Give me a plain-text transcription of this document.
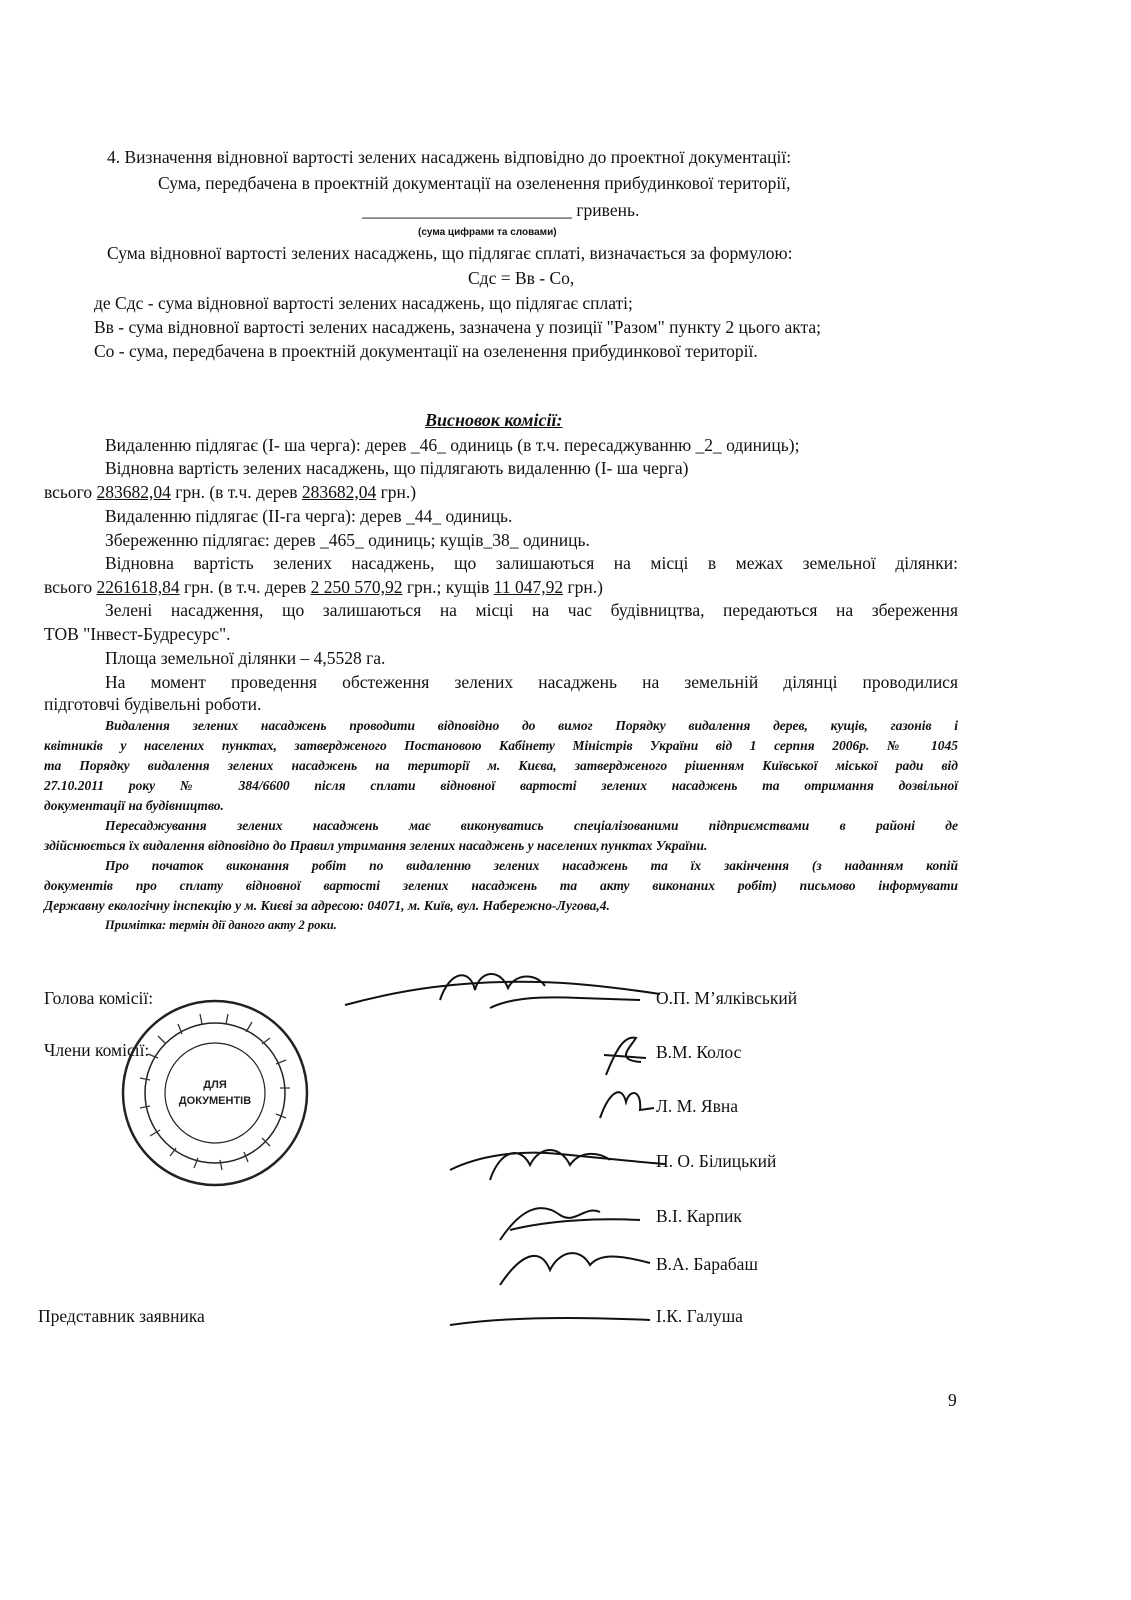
4. Визначення відновної вартості зелених насаджень відповідно до проектної документації:
Сума, передбачена в проектній документації на озеленення прибудинкової території,
________________________ гривень.
(сума цифрами та словами)
Сума відновної вартості зелених насаджень, що підлягає сплаті, визначається за формулою:
Сдс = Вв - Со,
де Сдс - сума відновної вартості зелених насаджень, що підлягає сплаті;
Вв - сума відновної вартості зелених насаджень, зазначена у позиції "Разом" пункту 2 цього акта;
Со - сума, передбачена в проектній документації на озеленення прибудинкової території.
Висновок комісії:
Видаленню підлягає (І- ша черга): дерев _46_ одиниць (в т.ч. пересаджуванню _2_ одиниць);
Відновна вартість зелених насаджень, що підлягають видаленню (І- ша черга)
всього 283682,04 грн. (в т.ч. дерев 283682,04 грн.)
Видаленню підлягає (ІІ-га черга): дерев _44_ одиниць.
Збереженню підлягає: дерев _465_ одиниць; кущів_38_ одиниць.
Відновна вартість зелених насаджень, що залишаються на місці в межах земельної ділянки:
всього 2261618,84 грн. (в т.ч. дерев 2 250 570,92 грн.; кущів 11 047,92 грн.)
Зелені насадження, що залишаються на місці на час будівництва, передаються на збереження
ТОВ "Інвест-Будресурс".
Площа земельної ділянки – 4,5528 га.
На момент проведення обстеження зелених насаджень на земельній ділянці проводилися
підготовчі будівельні роботи.
Видалення зелених насаджень проводити відповідно до вимог Порядку видалення дерев, кущів, газонів і
квітників у населених пунктах, затвердженого Постановою Кабінету Міністрів України від 1 серпня 2006р. № 1045
та Порядку видалення зелених насаджень на території м. Києва, затвердженого рішенням Київської міської ради від
27.10.2011 року № 384/6600 після сплати відновної вартості зелених насаджень та отримання дозвільної
документації на будівництво.
Пересаджування зелених насаджень має виконуватись спеціалізованими підприємствами в районі де
здійснюється їх видалення відповідно до Правил утримання зелених насаджень у населених пунктах України.
Про початок виконання робіт по видаленню зелених насаджень та їх закінчення (з наданням копій
документів про сплату відновної вартості зелених насаджень та акту виконаних робіт) письмово інформувати
Державну екологічну інспекцію у м. Києві за адресою: 04071, м. Київ, вул. Набережно-Лугова,4.
Примітка: термін дії даного акту 2 роки.
Голова комісії:
Члени комісії:
Представник заявника
О.П. М’ялківський
В.М. Колос
Л. М. Явна
П. О. Білицький
В.І. Карпик
В.А. Барабаш
І.К. Галуша
ДЛЯ
ДОКУМЕНТІВ
9
